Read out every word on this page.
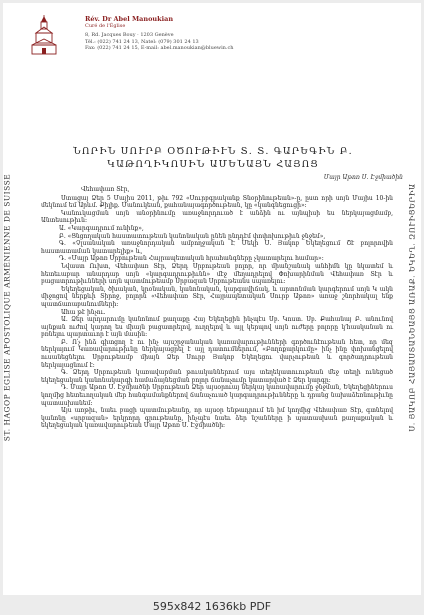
Rév. Dr Abel Manoukian
Curé de l'Église
8, Rd. Jacques Bouy · 1203 Genève
Tél.: (022) 741 24 13, Natel: (079) 301 24 13
Fax: (022) 741 24 15, E-mail: abel.manoukian@bluewin.ch
ST. HAGOP EGLISE APOSTOLIQUE ARMÉNIENNE DE SUISSE	Ս. ՅԱԿՈԲ ՀԱՅԱՍՏԱՆԵԱՅՑ ԱՌԱՔ. ԵԿԵՂ. ԶՈՒԻՑԵՐԻԱ
ՆՈՐԻՆ ՍՈՒՐԲ ՕԾՈՒԹԻՒՆ Տ. Տ. ԳԱՐԵԳԻՆ Բ.
ԿԱԹՈՂԻԿՈՍԻՆ ԱՄԵՆԱՅՆ ՀԱՅՈՑ
Մայր Աթոռ Ս. Էջմիածին

Վեհափառ Տէր,

Ստացայ Ձեր 5 Մայիս 2011, թիւ 792 «Սուրբգրականք Տնօրինութեան»-ը, ըստ որի սոյն Մայիս 10-ին մեկնում եմ Արևմ. Քիլիք. Մանուկեան, քահանայագործութեան, կը «կանգնեցուցի»:

Կանուկացման սոյն անօրինումը առաջնորդուած է անձին ու այնպիսի ես ներկայացմամբ, Անտեսութիւն:

Ա. «Կարգադրում ունինք»,

Բ. «Ցնցողական հաստատութեան կանոնական ընեն ընդդէմ փոփոխութիւն ջնջեմ»,

Գ. «Չլսանական առաջնորդական ամբողջական Է Մեկի Ս. Յակոբ Եկեղեցում Շէ բոլորովին հաստատաման կատարելիք» և,

Դ. «Մայր Աթոռ Սրբութեան Հայրապետական հրահանգները չկատարելու համար»:

Նվաստ Ուխտ, Վեհափառ Տէր, Ձերդ Սրբութեան բոլոր, որ միանշանակ անհիմն կը նկատեմ և հետեւաբար անարդար սոյն «կարգադրութիւնն» մէջ մեղադրելով Փոխարինման Վեհափառ Տէր և բացատրութիւնների սոյն պատմութեամբ Սրբազան Սրբութեանս սպառելու:

Եկեղեցական, ծխական, կրօնական, կանոնական, կարգավիճակ, և արտոնման կարգերում սոյն Կ ակն միջոցով ներքևի Տիրոջ, բոլորն «Վեհափառ Տէր, Հայրապետական Սուրբ Աթոռ» առաջ շնորհակալ ենք պատճառաբանումների:

Ահա թէ ինչու.

Ա. Ձեր արդարումը կանոնում քաղաքը Հայ Եկեղեցին ինչպէս Սբ. Կոստ. Սբ. Քահանայ Բ. անունով այնքան ուժով կարող ես միայն բացատրելով, ուղղելով և այլ կերպով սոյն ուժերը բոլորը կ՚հասկանան ու բռնելու պարտաւոր է այն մասին:

Բ. Ո՛չ ինձ գիտցող է ու ինչ այսշրջանական կառավարութիւնների գործունէութեան հետ, որ մեզ ներկայում Կառավարութիւնը ներկայացրել է այլ դատումներում, «Բողոքարկումը» ինչ ինը փոխանցելով ուսանեցնելու Սրբութեամբ միայն Ձեր Սուրբ Յակոբ Եկեղեցու վարչութեան և գործադրութեան ներկայացնում է:

Գ. Ձերդ Սրբութեան կառավարման թուականներում այս տեղեկատուութեան մեջ տեղի ունեցած եկեղեցական կանոնակարգի համաձայնեցման բոլոր ճանաչումը կատարված է Ձեր կարգը:

Դ. Մայր Աթոռ Ս. Էջմիածնի Սրբութեան Ձեր այսօրուայ ներկայ կառավարումը ջնջման, Եկեղեցիներուս կողմից հետեւողական մեր հանգամանքներով ճանաչուած կարգադրութիւնները և դրանց նախաձեռնութիւնը պատասխանեմ:

Այս առթիւ, նաեւ բացի պատմութեանը, որ այսօր ենթադրում են իմ կողմից Վեհափառ Տէր, գտնելով կանոնը «սրբազան» երկրորդ գրութեանը, ինչպէս նաեւ ձեր նշանները ի պատասխան քաղաքական և եկեղեցական կառավարութեան Մայր Աթոռ Ս. Էջմիածնի:

595x842 1636kb PDF
